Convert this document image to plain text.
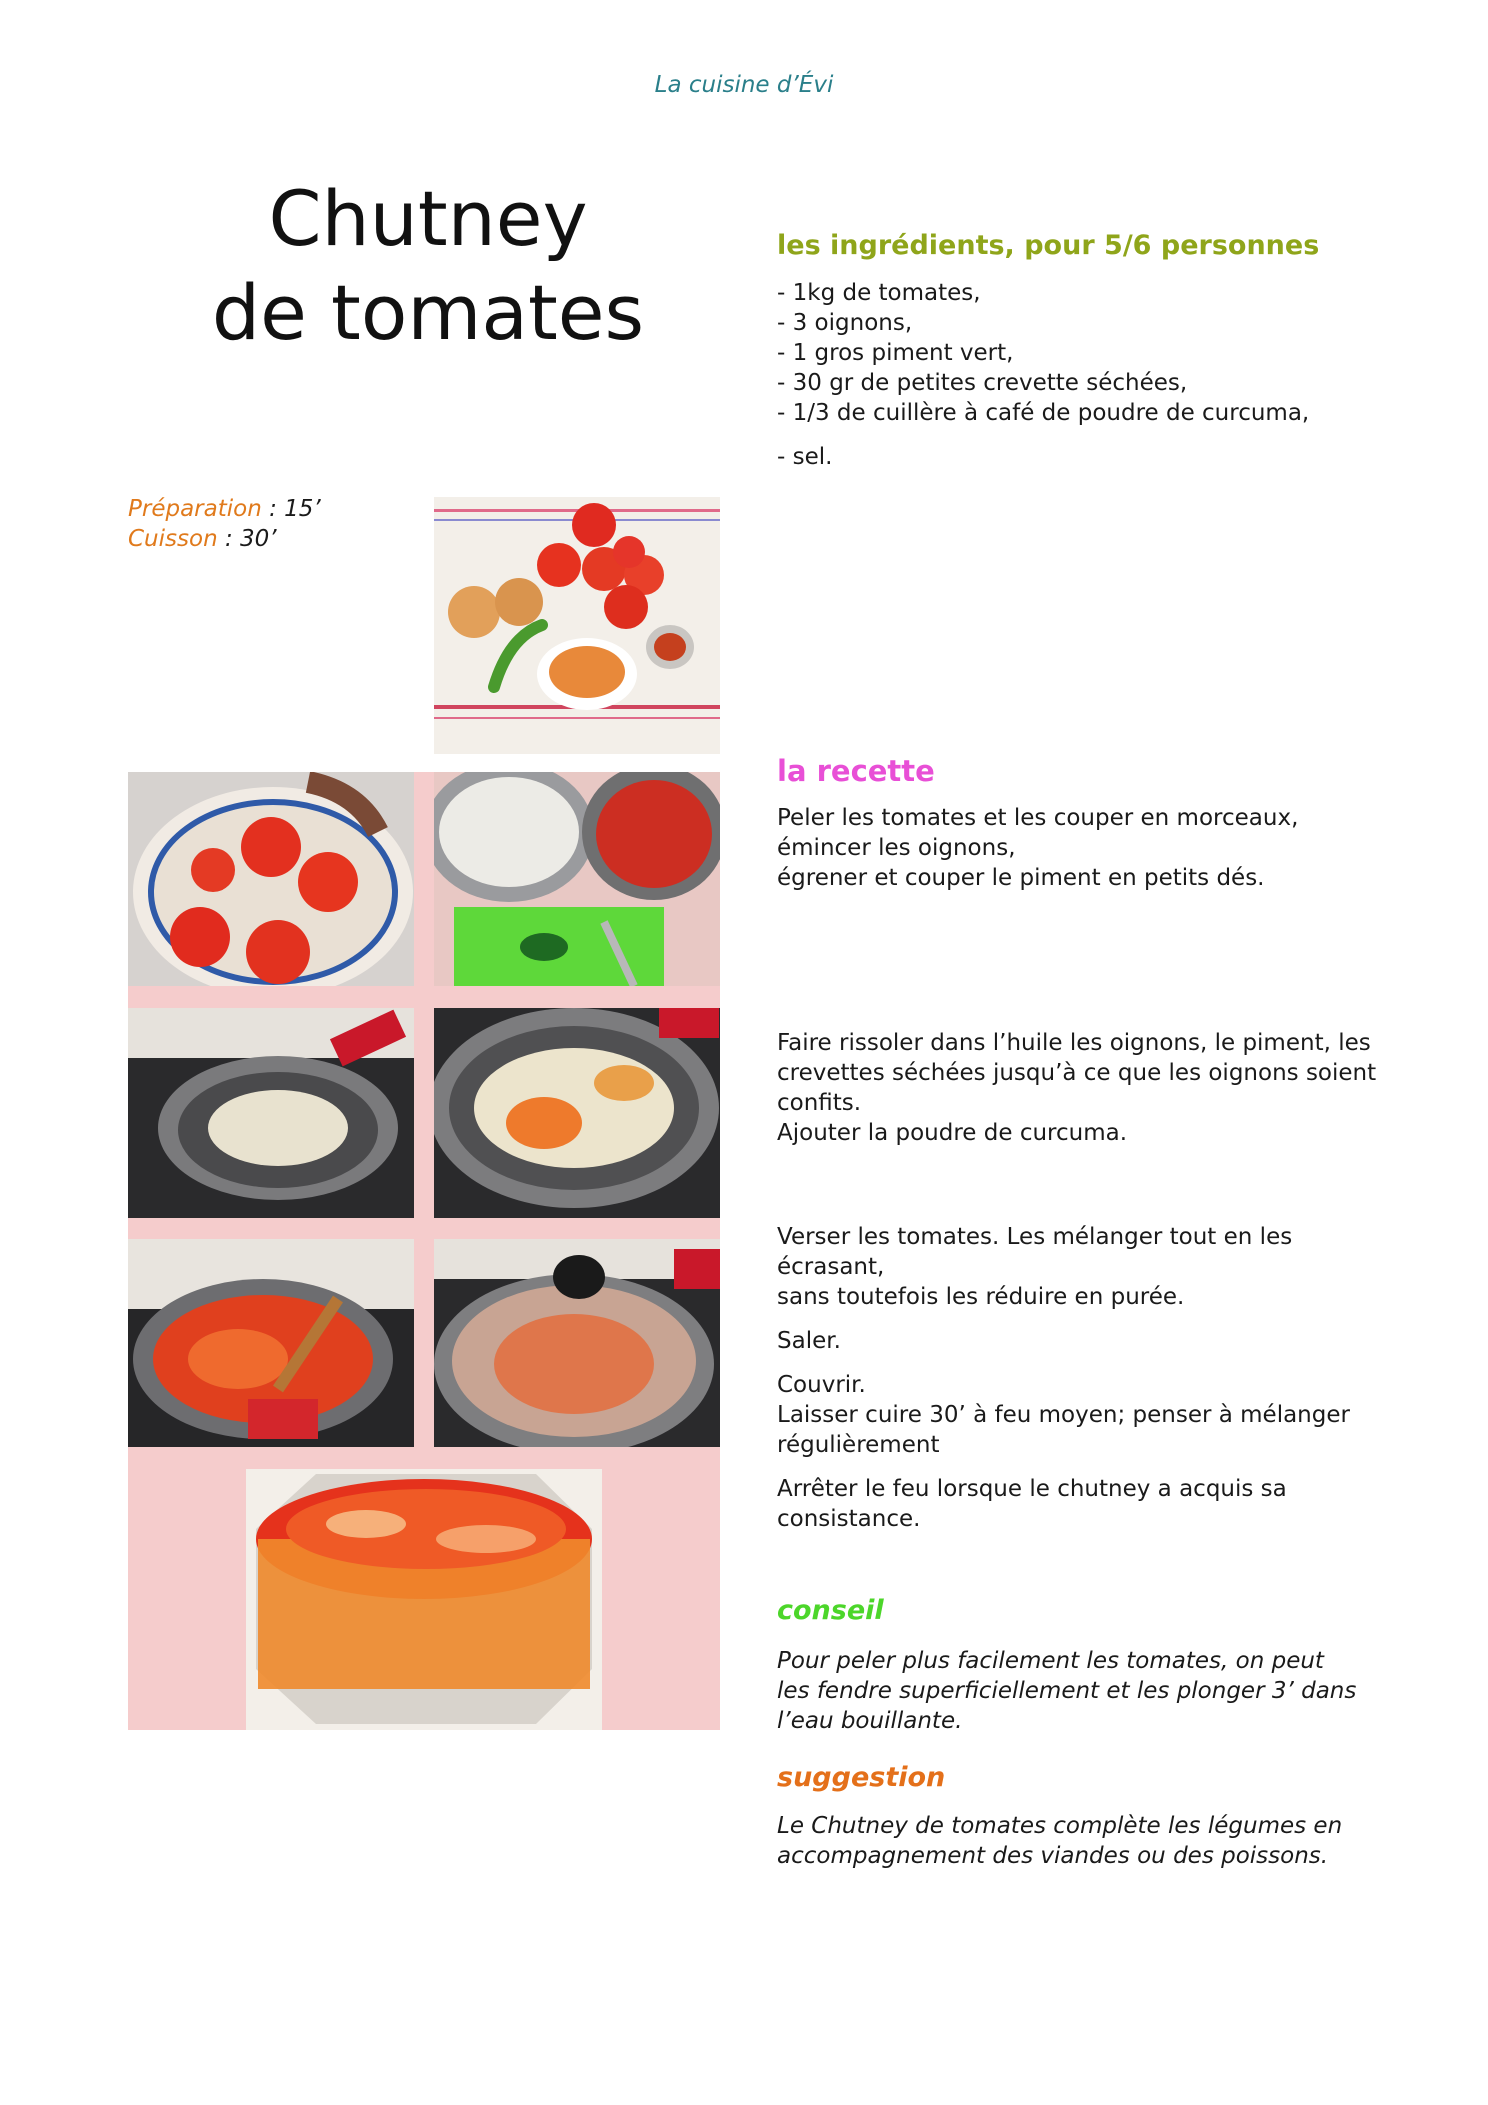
La cuisine d’Évi
Chutney
de tomates
Préparation : 15’
Cuisson : 30’
les ingrédients, pour 5/6 personnes
- 1kg de tomates,
- 3 oignons,
- 1 gros piment vert,
- 30 gr de petites crevette séchées,
- 1/3 de cuillère à café de poudre de curcuma,
- sel.
la recette
Peler les tomates et les couper en morceaux,
émincer les oignons,
égrener et couper le piment en petits dés.
Faire rissoler dans l’huile les oignons, le piment, les
crevettes séchées jusqu’à ce que les oignons soient
confits.
Ajouter la poudre de curcuma.

Verser les tomates. Les mélanger tout en les écrasant,
sans toutefois les réduire en purée.

Saler.

Couvrir.
Laisser cuire 30’ à feu moyen; penser à mélanger
régulièrement

Arrêter le feu lorsque le chutney a acquis sa
consistance.

conseil
Pour peler plus facilement les tomates, on peut
les fendre superficiellement et les plonger 3’ dans
l’eau bouillante.
suggestion
Le Chutney de tomates complète les légumes en
accompagnement des viandes ou des poissons.
